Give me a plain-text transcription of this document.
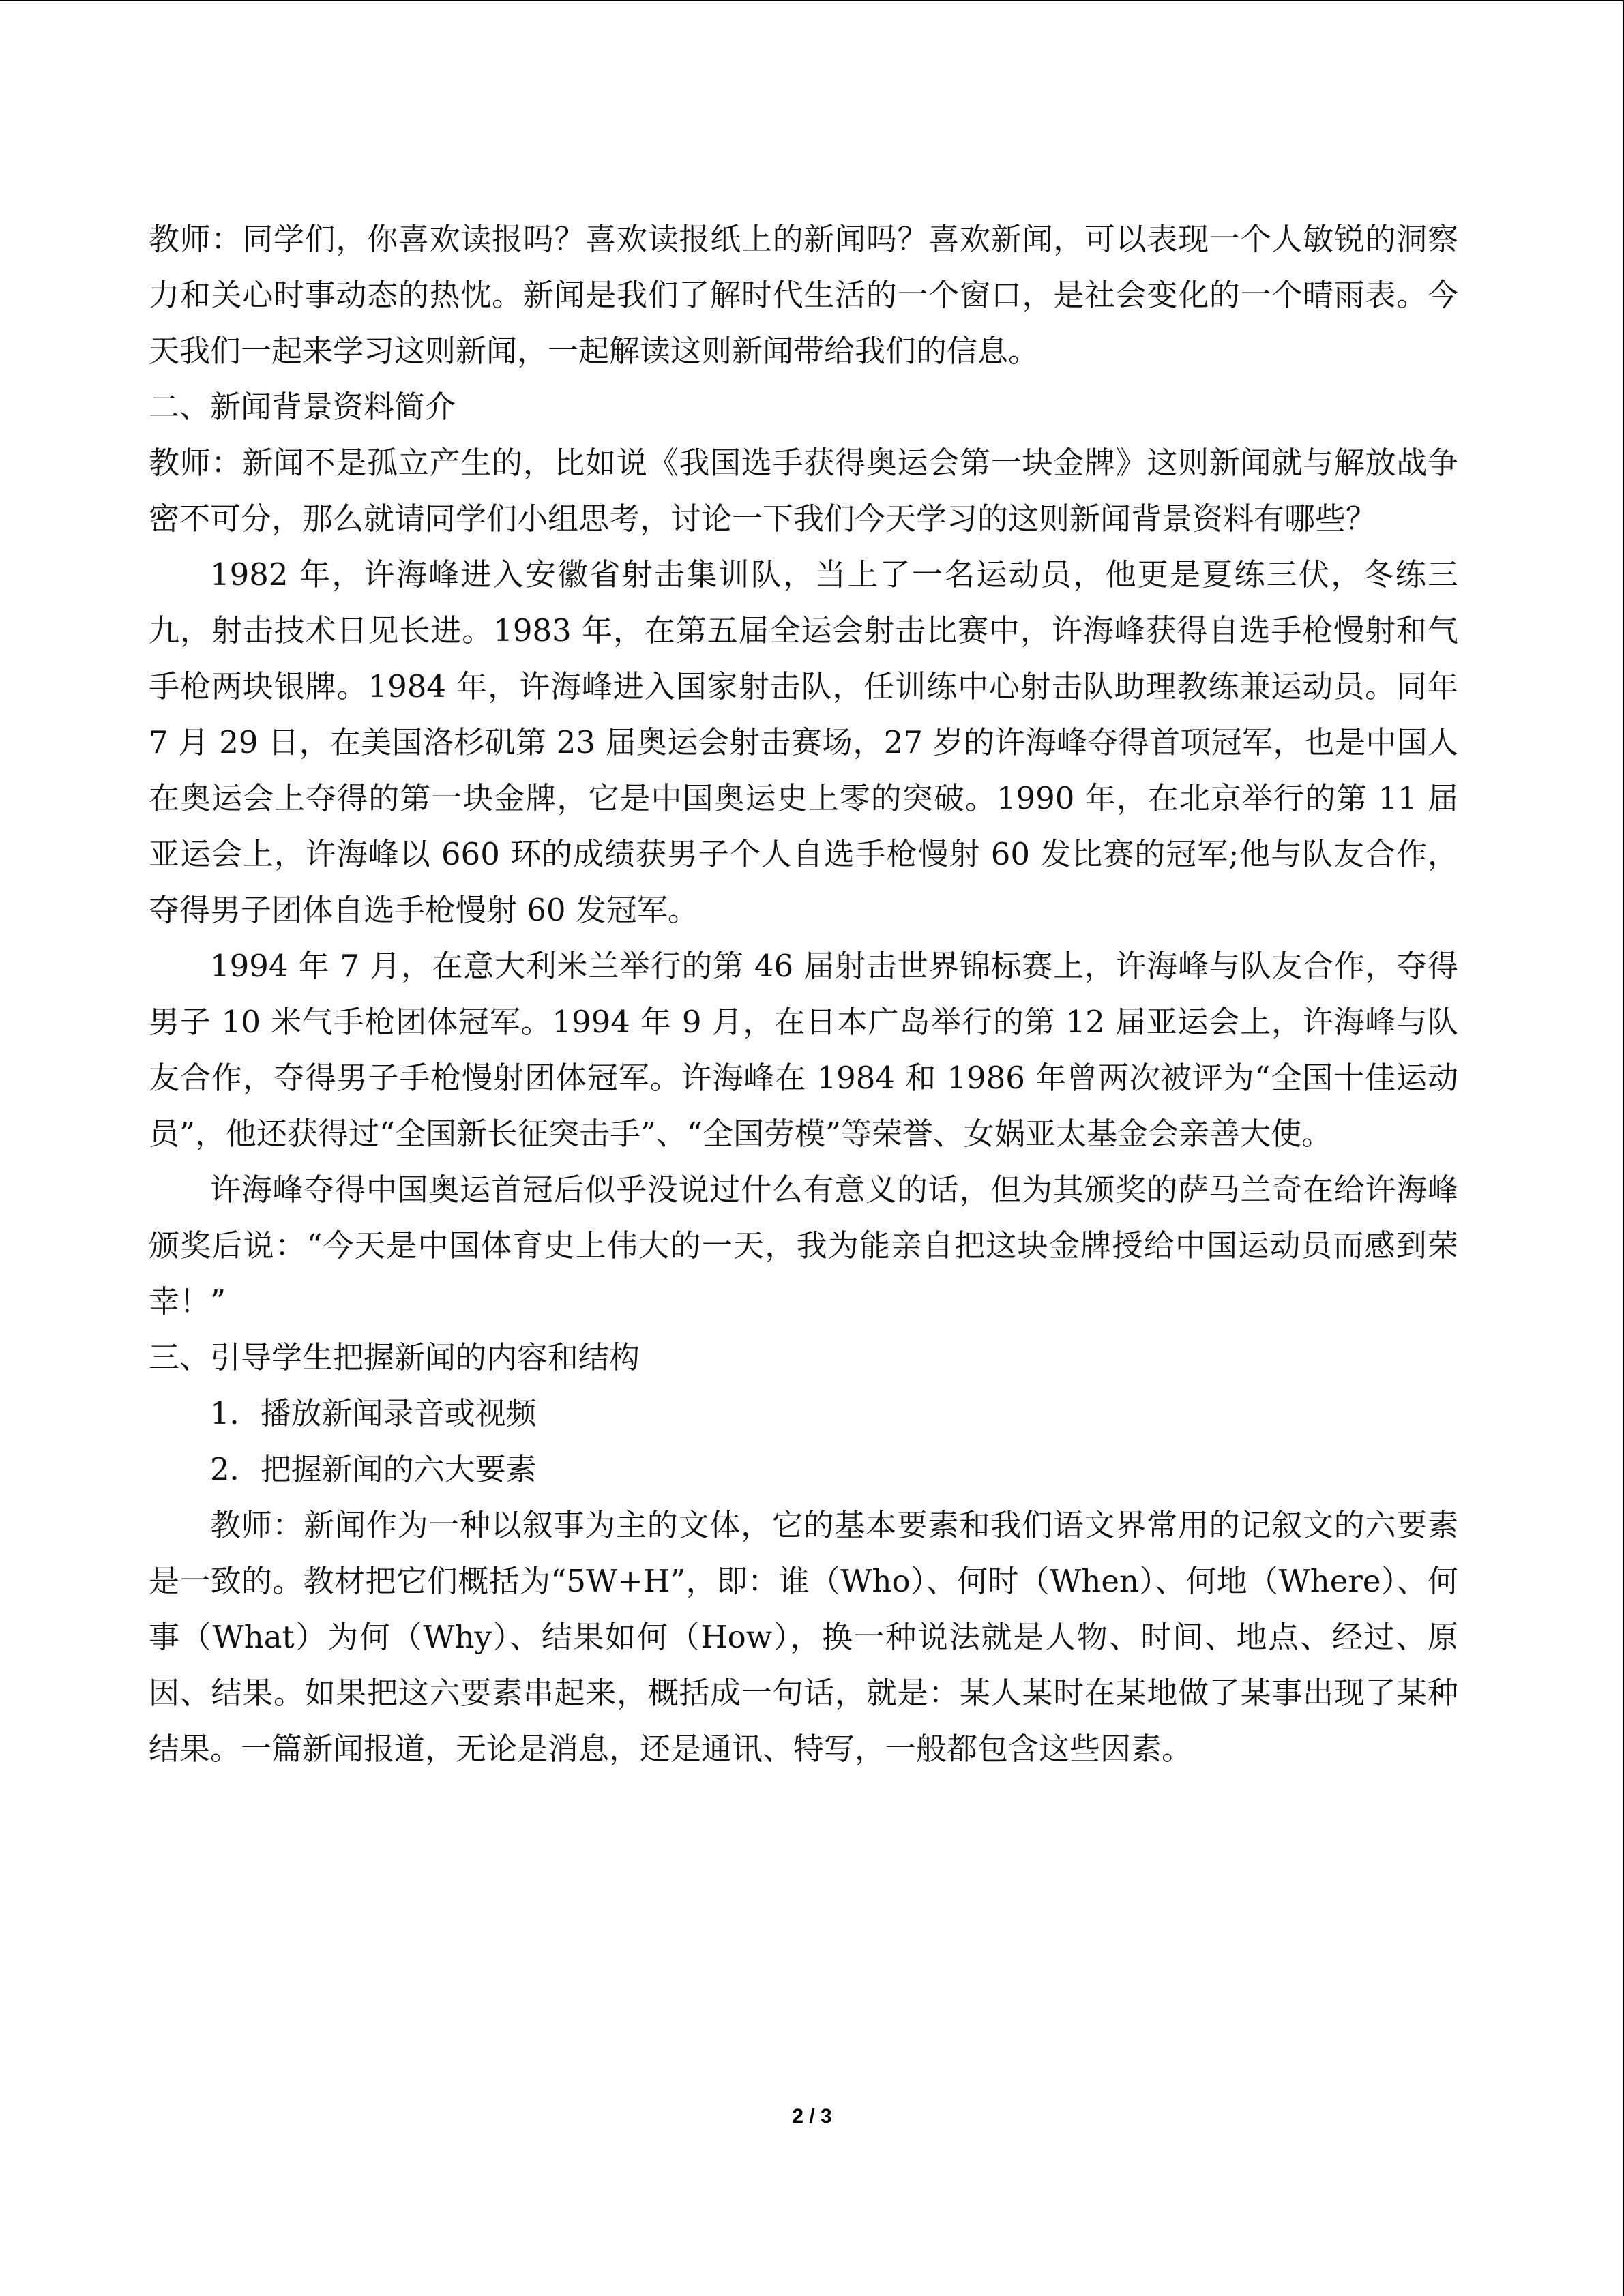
教师：同学们，你喜欢读报吗？喜欢读报纸上的新闻吗？喜欢新闻，可以表现一个人敏锐的洞察力和关心时事动态的热忱。新闻是我们了解时代生活的一个窗口，是社会变化的一个晴雨表。今天我们一起来学习这则新闻，一起解读这则新闻带给我们的信息。

二、新闻背景资料简介

教师：新闻不是孤立产生的，比如说《我国选手获得奥运会第一块金牌》这则新闻就与解放战争密不可分，那么就请同学们小组思考，讨论一下我们今天学习的这则新闻背景资料有哪些？

1982 年，许海峰进入安徽省射击集训队，当上了一名运动员，他更是夏练三伏，冬练三九，射击技术日见长进。1983 年，在第五届全运会射击比赛中，许海峰获得自选手枪慢射和气手枪两块银牌。1984 年，许海峰进入国家射击队，任训练中心射击队助理教练兼运动员。同年 7 月 29 日，在美国洛杉矶第 23 届奥运会射击赛场，27 岁的许海峰夺得首项冠军，也是中国人在奥运会上夺得的第一块金牌，它是中国奥运史上零的突破。1990 年，在北京举行的第 11 届亚运会上，许海峰以 660 环的成绩获男子个人自选手枪慢射 60 发比赛的冠军;他与队友合作，夺得男子团体自选手枪慢射 60 发冠军。

1994 年 7 月，在意大利米兰举行的第 46 届射击世界锦标赛上，许海峰与队友合作，夺得男子 10 米气手枪团体冠军。1994 年 9 月，在日本广岛举行的第 12 届亚运会上，许海峰与队友合作，夺得男子手枪慢射团体冠军。许海峰在 1984 和 1986 年曾两次被评为“全国十佳运动员”，他还获得过“全国新长征突击手”、“全国劳模”等荣誉、女娲亚太基金会亲善大使。

许海峰夺得中国奥运首冠后似乎没说过什么有意义的话，但为其颁奖的萨马兰奇在给许海峰颁奖后说：“今天是中国体育史上伟大的一天，我为能亲自把这块金牌授给中国运动员而感到荣幸！”

三、引导学生把握新闻的内容和结构

1．播放新闻录音或视频

2．把握新闻的六大要素

教师：新闻作为一种以叙事为主的文体，它的基本要素和我们语文界常用的记叙文的六要素是一致的。教材把它们概括为“5W+H”，即：谁（Who）、何时（When）、何地（Where）、何事（What）为何（Why）、结果如何（How），换一种说法就是人物、时间、地点、经过、原因、结果。如果把这六要素串起来，概括成一句话，就是：某人某时在某地做了某事出现了某种结果。一篇新闻报道，无论是消息，还是通讯、特写，一般都包含这些因素。

2 / 3
